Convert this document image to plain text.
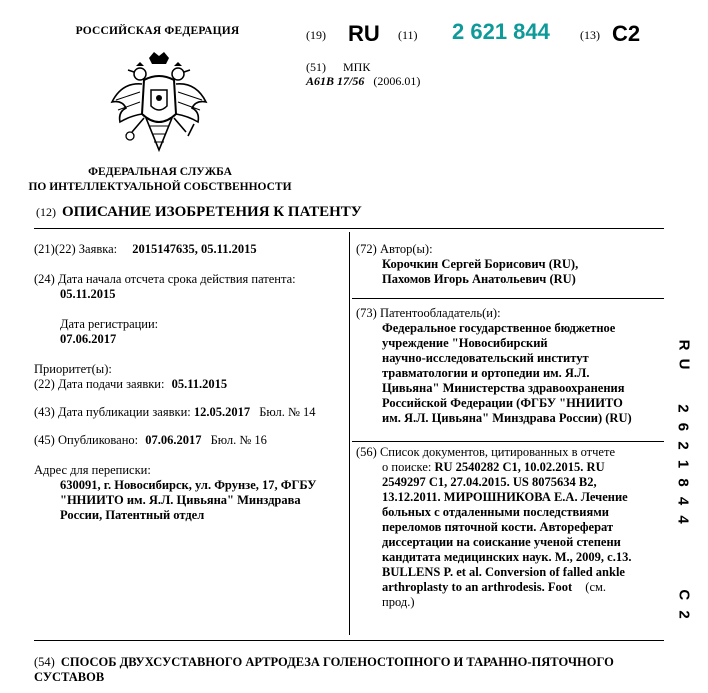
РОССИЙСКАЯ ФЕДЕРАЦИЯ
ФЕДЕРАЛЬНАЯ СЛУЖБА
ПО ИНТЕЛЛЕКТУАЛЬНОЙ СОБСТВЕННОСТИ
(19) RU (11) 2 621 844	(13) C2
(51) МПК
A61B 17/56 (2006.01)
(12) ОПИСАНИЕ ИЗОБРЕТЕНИЯ К ПАТЕНТУ
(21)(22) Заявка: 2015147635, 05.11.2015
(24) Дата начала отсчета срока действия патента:
05.11.2015
Дата регистрации:
07.06.2017
Приоритет(ы):
(22) Дата подачи заявки: 05.11.2015
(43) Дата публикации заявки: 12.05.2017 Бюл. № 14
(45) Опубликовано: 07.06.2017 Бюл. № 16
Адрес для переписки:
630091, г. Новосибирск, ул. Фрунзе, 17, ФГБУ
"ННИИТО им. Я.Л. Цивьяна" Минздрава
России, Патентный отдел
(72) Автор(ы):
Корочкин Сергей Борисович (RU),
Пахомов Игорь Анатольевич (RU)
(73) Патентообладатель(и):
Федеральное государственное бюджетное
учреждение "Новосибирский
научно-исследовательский институт
травматологии и ортопедии им. Я.Л.
Цивьяна" Министерства здравоохранения
Российской Федерации (ФГБУ "ННИИТО
им. Я.Л. Цивьяна" Минздрава России) (RU)
(56) Список документов, цитированных в отчете
о поиске: RU 2540282 C1, 10.02.2015. RU
2549297 C1, 27.04.2015. US 8075634 B2,
13.12.2011. МИРОШНИКОВА Е.А. Лечение
больных с отдаленными последствиями
переломов пяточной кости. Автореферат
диссертации на соискание ученой степени
кандитата медицинских наук. М., 2009, с.13.
BULLENS P. et al. Conversion of falled ankle
arthroplasty to an arthrodesis. Foot (см.
прод.)
R U
2 6 2 1 8 4 4
C 2
(54) СПОСОБ ДВУХСУСТАВНОГО АРТРОДЕЗА ГОЛЕНОСТОПНОГО И ТАРАННО-ПЯТОЧНОГО
СУСТАВОВ
